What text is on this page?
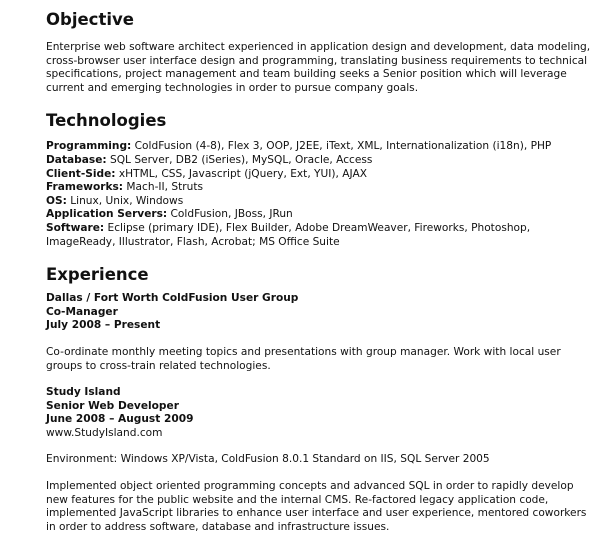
Objective

Enterprise web software architect experienced in application design and development, data modeling, cross-browser user interface design and programming, translating business requirements to technical specifications, project management and team building seeks a Senior position which will leverage current and emerging technologies in order to pursue company goals.

Technologies
Programming: ColdFusion (4-8), Flex 3, OOP, J2EE, iText, XML, Internationalization (i18n), PHP
Database: SQL Server, DB2 (iSeries), MySQL, Oracle, Access
Client-Side: xHTML, CSS, Javascript (jQuery, Ext, YUI), AJAX
Frameworks: Mach-II, Struts
OS: Linux, Unix, Windows
Application Servers: ColdFusion, JBoss, JRun
Software: Eclipse (primary IDE), Flex Builder, Adobe DreamWeaver, Fireworks, Photoshop, ImageReady, Illustrator, Flash, Acrobat; MS Office Suite
Experience
Dallas / Fort Worth ColdFusion User Group
Co-Manager
July 2008 – Present

Co-ordinate monthly meeting topics and presentations with group manager. Work with local user groups to cross-train related technologies.

Study Island
Senior Web Developer
June 2008 – August 2009
www.StudyIsland.com

Environment: Windows XP/Vista, ColdFusion 8.0.1 Standard on IIS, SQL Server 2005

Implemented object oriented programming concepts and advanced SQL in order to rapidly develop new features for the public website and the internal CMS. Re-factored legacy application code, implemented JavaScript libraries to enhance user interface and user experience, mentored coworkers in order to address software, database and infrastructure issues.
